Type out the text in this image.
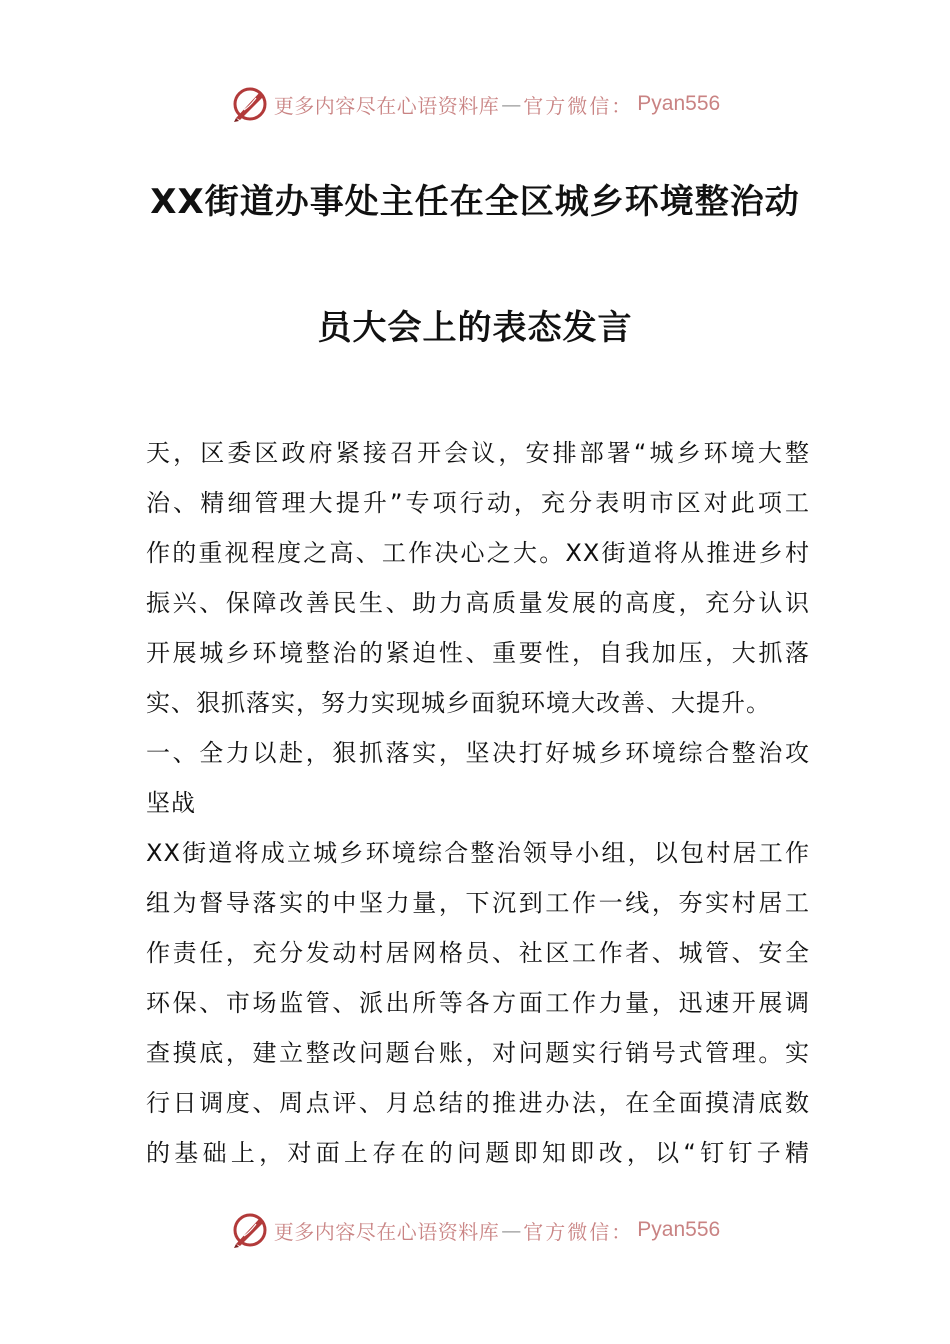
更多内容尽在心语资料库 — 官方微信： Pyan556
XX街道办事处主任在全区城乡环境整治动
员大会上的表态发言
天，区委区政府紧接召开会议，安排部署“城乡环境大整
治、精细管理大提升”专项行动，充分表明市区对此项工
作的重视程度之高、工作决心之大。XX街道将从推进乡村
振兴、保障改善民生、助力高质量发展的高度，充分认识
开展城乡环境整治的紧迫性、重要性，自我加压，大抓落
实、狠抓落实，努力实现城乡面貌环境大改善、大提升。
一、全力以赴，狠抓落实，坚决打好城乡环境综合整治攻
坚战
XX街道将成立城乡环境综合整治领导小组，以包村居工作
组为督导落实的中坚力量，下沉到工作一线，夯实村居工
作责任，充分发动村居网格员、社区工作者、城管、安全
环保、市场监管、派出所等各方面工作力量，迅速开展调
查摸底，建立整改问题台账，对问题实行销号式管理。实
行日调度、周点评、月总结的推进办法，在全面摸清底数
的基础上，对面上存在的问题即知即改，以“钉钉子精
更多内容尽在心语资料库 — 官方微信： Pyan556
